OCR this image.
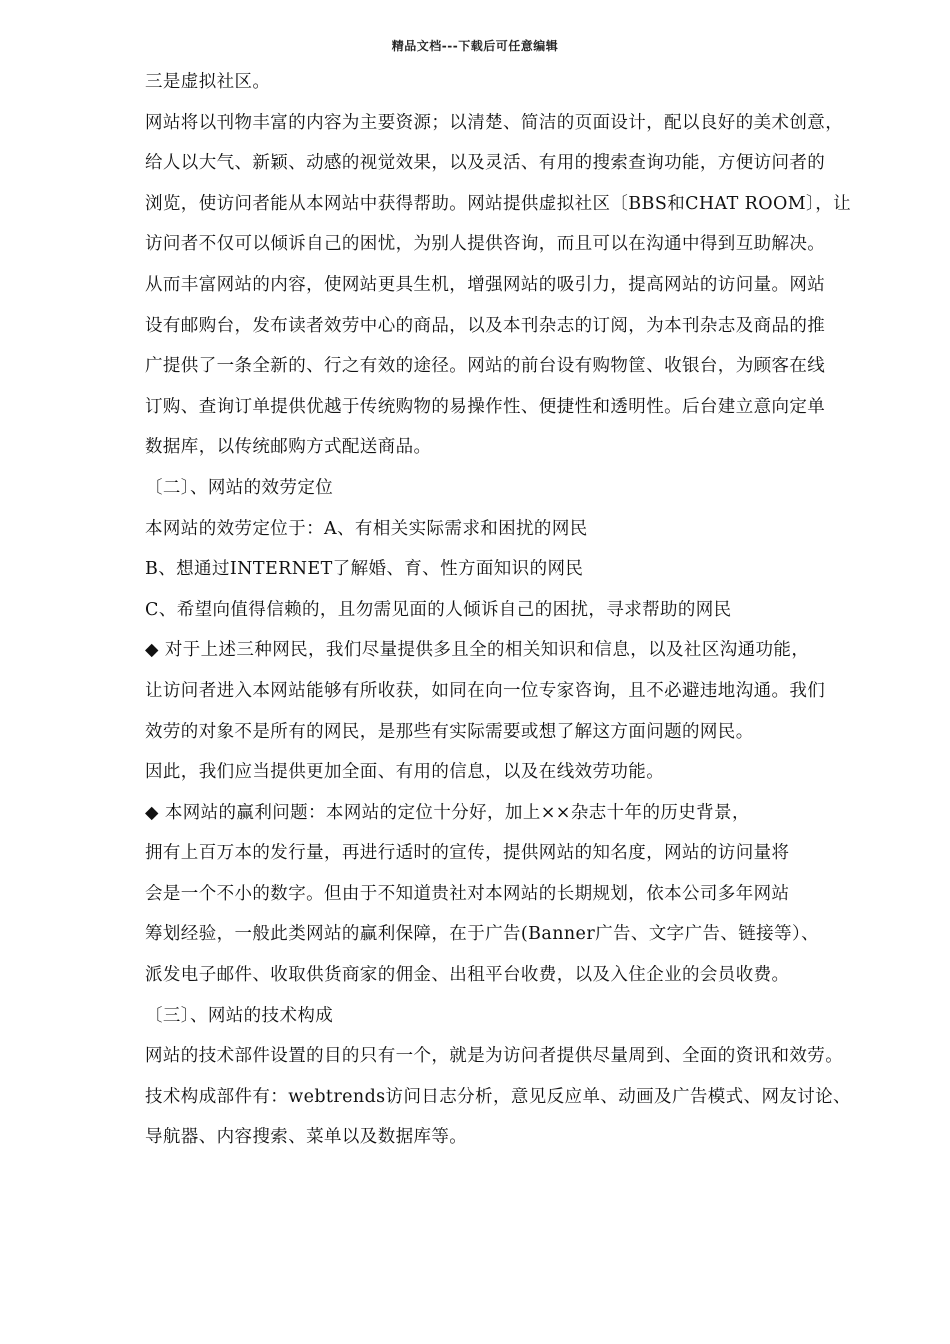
精品文档---下载后可任意编辑
三是虚拟社区。
网站将以刊物丰富的内容为主要资源；以清楚、简洁的页面设计，配以良好的美术创意，
给人以大气、新颖、动感的视觉效果，以及灵活、有用的搜索查询功能，方便访问者的
浏览，使访问者能从本网站中获得帮助。网站提供虚拟社区〔BBS和CHAT ROOM〕，让
访问者不仅可以倾诉自己的困忧，为别人提供咨询，而且可以在沟通中得到互助解决。
从而丰富网站的内容，使网站更具生机，增强网站的吸引力，提高网站的访问量。网站
设有邮购台，发布读者效劳中心的商品，以及本刊杂志的订阅，为本刊杂志及商品的推
广提供了一条全新的、行之有效的途径。网站的前台设有购物筐、收银台，为顾客在线
订购、查询订单提供优越于传统购物的易操作性、便捷性和透明性。后台建立意向定单
数据库，以传统邮购方式配送商品。
〔二〕、网站的效劳定位
本网站的效劳定位于：A、有相关实际需求和困扰的网民
B、想通过INTERNET了解婚、育、性方面知识的网民
C、希望向值得信赖的，且勿需见面的人倾诉自己的困扰，寻求帮助的网民
◆ 对于上述三种网民，我们尽量提供多且全的相关知识和信息，以及社区沟通功能，
让访问者进入本网站能够有所收获，如同在向一位专家咨询，且不必避违地沟通。我们
效劳的对象不是所有的网民，是那些有实际需要或想了解这方面问题的网民。
因此，我们应当提供更加全面、有用的信息，以及在线效劳功能。
◆ 本网站的赢利问题：本网站的定位十分好，加上××杂志十年的历史背景，
拥有上百万本的发行量，再进行适时的宣传，提供网站的知名度，网站的访问量将
会是一个不小的数字。但由于不知道贵社对本网站的长期规划，依本公司多年网站
筹划经验，一般此类网站的赢利保障，在于广告(Banner广告、文字广告、链接等）、
派发电子邮件、收取供货商家的佣金、出租平台收费，以及入住企业的会员收费。
〔三〕、网站的技术构成
网站的技术部件设置的目的只有一个，就是为访问者提供尽量周到、全面的资讯和效劳。
技术构成部件有：webtrends访问日志分析，意见反应单、动画及广告模式、网友讨论、
导航器、内容搜索、菜单以及数据库等。
